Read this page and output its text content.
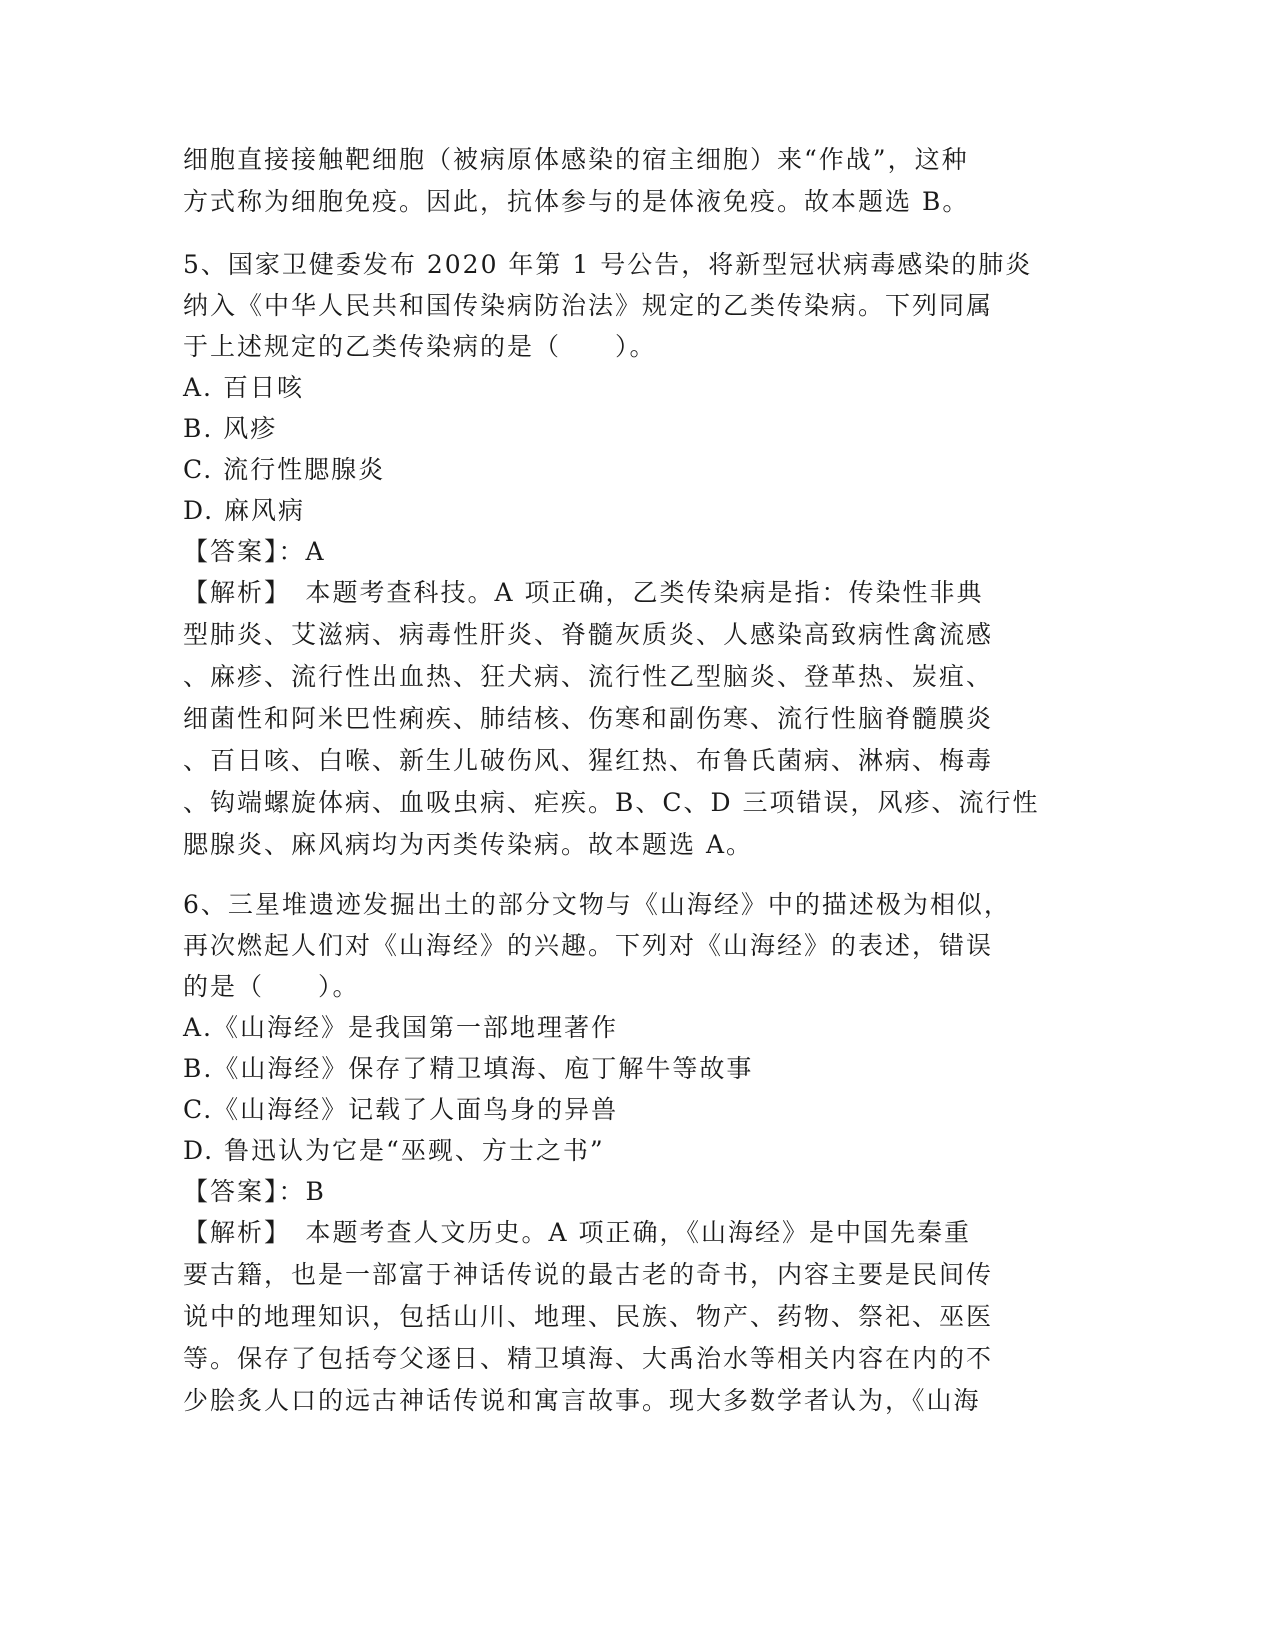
细胞直接接触靶细胞（被病原体感染的宿主细胞）来“作战”，这种
方式称为细胞免疫。因此，抗体参与的是体液免疫。故本题选 B。
5、国家卫健委发布 2020 年第 1 号公告，将新型冠状病毒感染的肺炎
纳入《中华人民共和国传染病防治法》规定的乙类传染病。下列同属
于上述规定的乙类传染病的是（　　）。
A. 百日咳
B. 风疹
C. 流行性腮腺炎
D. 麻风病
【答案】：A
【解析】　本题考查科技。A 项正确，乙类传染病是指：传染性非典
型肺炎、艾滋病、病毒性肝炎、脊髓灰质炎、人感染高致病性禽流感
、麻疹、流行性出血热、狂犬病、流行性乙型脑炎、登革热、炭疽、
细菌性和阿米巴性痢疾、肺结核、伤寒和副伤寒、流行性脑脊髓膜炎
、百日咳、白喉、新生儿破伤风、猩红热、布鲁氏菌病、淋病、梅毒
、钩端螺旋体病、血吸虫病、疟疾。B、C、D 三项错误，风疹、流行性
腮腺炎、麻风病均为丙类传染病。故本题选 A。
6、三星堆遗迹发掘出土的部分文物与《山海经》中的描述极为相似，
再次燃起人们对《山海经》的兴趣。下列对《山海经》的表述，错误
的是（　　）。
A.《山海经》是我国第一部地理著作
B.《山海经》保存了精卫填海、庖丁解牛等故事
C.《山海经》记载了人面鸟身的异兽
D. 鲁迅认为它是“巫觋、方士之书”
【答案】：B
【解析】　本题考查人文历史。A 项正确，《山海经》是中国先秦重
要古籍，也是一部富于神话传说的最古老的奇书，内容主要是民间传
说中的地理知识，包括山川、地理、民族、物产、药物、祭祀、巫医
等。保存了包括夸父逐日、精卫填海、大禹治水等相关内容在内的不
少脍炙人口的远古神话传说和寓言故事。现大多数学者认为，《山海
